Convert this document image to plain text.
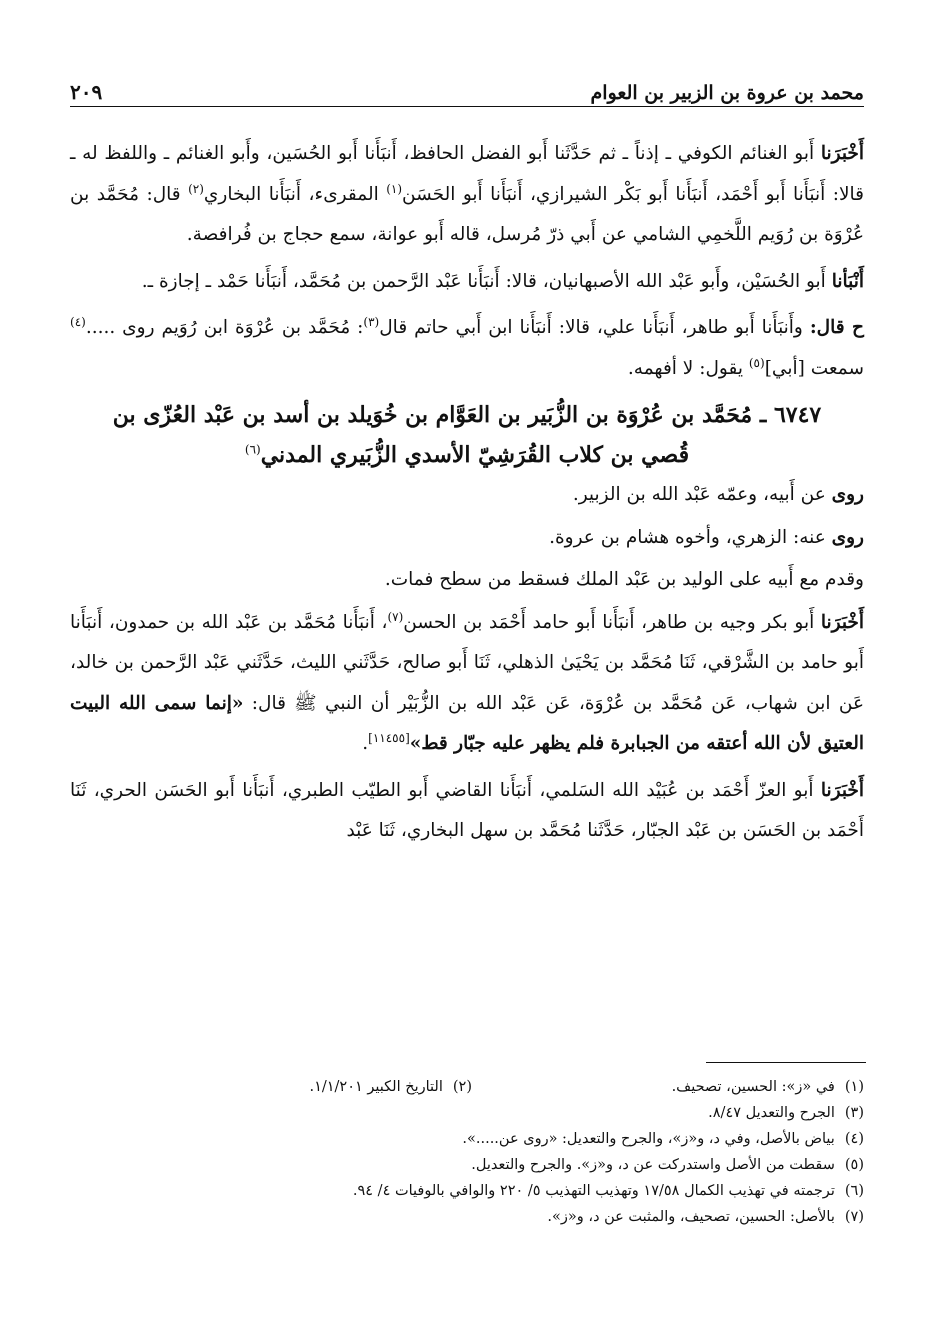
محمد بن عروة بن الزبير بن العوام
٢٠٩

أَخْبَرَنا أَبو الغنائم الكوفي ـ إذناً ـ ثم حَدَّثَنا أَبو الفضل الحافظ، أَنبَأَنا أَبو الحُسَين، وأَبو الغنائم ـ واللفظ له ـ قالا: أَنبَأَنا أَبو أَحْمَد، أَنبَأَنا أَبو بَكْر الشيرازي، أَنبَأَنا أَبو الحَسَن$^{(١)}$ المقرىء، أَنبَأَنا البخاري$^{(٢)}$ قال: مُحَمَّد بن عُرْوَة بن رُوَيم اللَّخمِي الشامي عن أَبي ذرّ مُرسل، قاله أَبو عوانة، سمع حجاج بن فُرافصة.

أَنْبَأنا أَبو الحُسَيْن، وأَبو عَبْد الله الأصبهانيان، قالا: أَنبَأَنا عَبْد الرَّحمن بن مُحَمَّد، أَنبَأَنا حَمْد ـ إجازة ـ.

ح قال: وأَنبَأَنا أَبو طاهر، أَنبَأَنا علي، قالا: أَنبَأَنا ابن أَبي حاتم قال$^{(٣)}$: مُحَمَّد بن عُرْوَة ابن رُوَيم روى .....$^{(٤)}$ سمعت [أبي]$^{(٥)}$ يقول: لا أفهمه.

٦٧٤٧ ـ مُحَمَّد بن عُرْوَة بن الزُّبَير بن العَوَّام بن خُوَيلد بن أسد بن عَبْد العُزّى بن
قُصي بن كلاب القُرَشِيّ الأسدي الزُّبَيري المدني$^{(٦)}$

روى عن أَبيه، وعمّه عَبْد الله بن الزبير.

روى عنه: الزهري، وأخوه هشام بن عروة.

وقدم مع أَبيه على الوليد بن عَبْد الملك فسقط من سطح فمات.

أَخْبَرَنا أَبو بكر وجيه بن طاهر، أَنبَأَنا أَبو حامد أَحْمَد بن الحسن$^{(٧)}$، أَنبَأَنا مُحَمَّد بن عَبْد الله بن حمدون، أَنبَأَنا أَبو حامد بن الشَّرْقي، ثَنَا مُحَمَّد بن يَحْيَىٰ الذهلي، ثَنَا أَبو صالح، حَدَّثَني الليث، حَدَّثَني عَبْد الرَّحمن بن خالد، عَن ابن شهاب، عَن مُحَمَّد بن عُرْوَة، عَن عَبْد الله بن الزُّبَيْر أن النبي ﷺ قال: «إنما سمى الله البيت العتيق لأن الله أعتقه من الجبابرة فلم يظهر عليه جبّار قط»[١١٤٥٥].

أَخْبَرَنا أَبو العزّ أَحْمَد بن عُبَيْد الله السَلمي، أَنبَأَنا القاضي أَبو الطيّب الطبري، أَنبَأَنا أَبو الحَسَن الحري، ثَنَا أَحْمَد بن الحَسَن بن عَبْد الجبّار، حَدَّثَنا مُحَمَّد بن سهل البخاري، ثَنَا عَبْد

(١)
في «ز»: الحسين، تصحيف.
(٢)
التاريخ الكبير ١/١/٢٠١.
(٣)
الجرح والتعديل ٨/٤٧.
(٤)
بياض بالأصل، وفي د، و«ز»، والجرح والتعديل: «روى عن.....».
(٥)
سقطت من الأصل واستدركت عن د، و«ز». والجرح والتعديل.
(٦)
ترجمته في تهذيب الكمال ١٧/٥٨ وتهذيب التهذيب ٥/ ٢٢٠ والوافي بالوفيات ٤/ ٩٤.
(٧)
بالأصل: الحسين، تصحيف، والمثبت عن د، و«ز».
